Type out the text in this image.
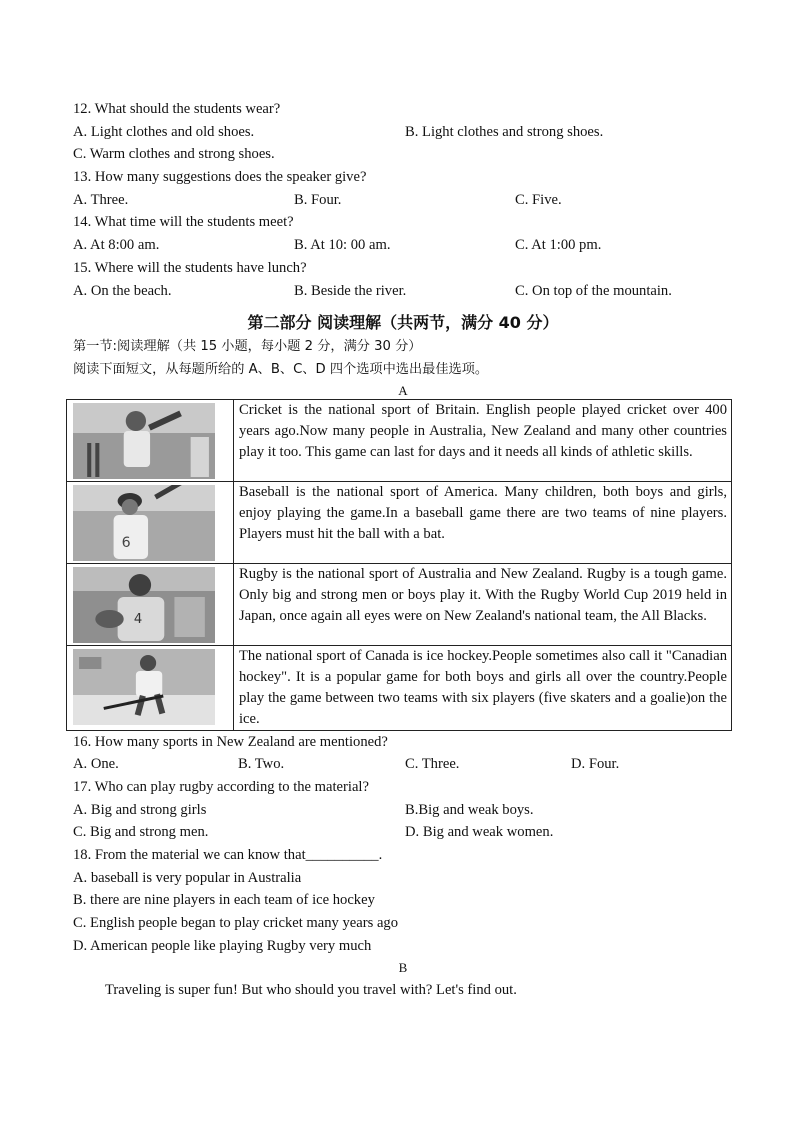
12. What should the students wear?
A. Light clothes and old shoes.	B. Light clothes and strong shoes.
C. Warm clothes and strong shoes.
13. How many suggestions does the speaker give?
A. Three.	B. Four.	C. Five.
14. What time will the students meet?
A. At 8:00 am.	B. At 10: 00 am.	C. At 1:00 pm.
15. Where will the students have lunch?
A. On the beach.	B. Beside the river.	C. On top of the mountain.
第二部分 阅读理解（共两节，满分 40 分）
第一节:阅读理解（共 15 小题，每小题 2 分，满分 30 分）
阅读下面短文，从每题所给的 A、B、C、D 四个选项中选出最佳选项。
A
	Cricket is the national sport of Britain. English people played cricket over 400 years ago.Now many people in Australia, New Zealand and many other countries play it too. This game can last for days and it needs all kinds of athletic skills.

6	Baseball is the national sport of America. Many children, both boys and girls, enjoy playing the game.In a baseball game there are two teams of nine players. Players must hit the ball with a bat.

4	Rugby is the national sport of Australia and New Zealand. Rugby is a tough game. Only big and strong men or boys play it. With the Rugby World Cup 2019 held in Japan, once again all eyes were on New Zealand's national team, the All Blacks.

	The national sport of Canada is ice hockey.People sometimes also call it "Canadian hockey". It is a popular game for both boys and girls all over the country.People play the game between two teams with six players (five skaters and a goalie)on the ice.
16. How many sports in New Zealand are mentioned?
A. One.	B. Two.	C. Three.	D. Four.
17. Who can play rugby according to the material?
A. Big and strong girls	B.Big and weak boys.
C. Big and strong men.	D. Big and weak women.
18. From the material we can know that__________.
A. baseball is very popular in Australia
B. there are nine players in each team of ice hockey
C. English people began to play cricket many years ago
D. American people like playing Rugby very much
B
Traveling is super fun! But who should you travel with? Let's find out.
